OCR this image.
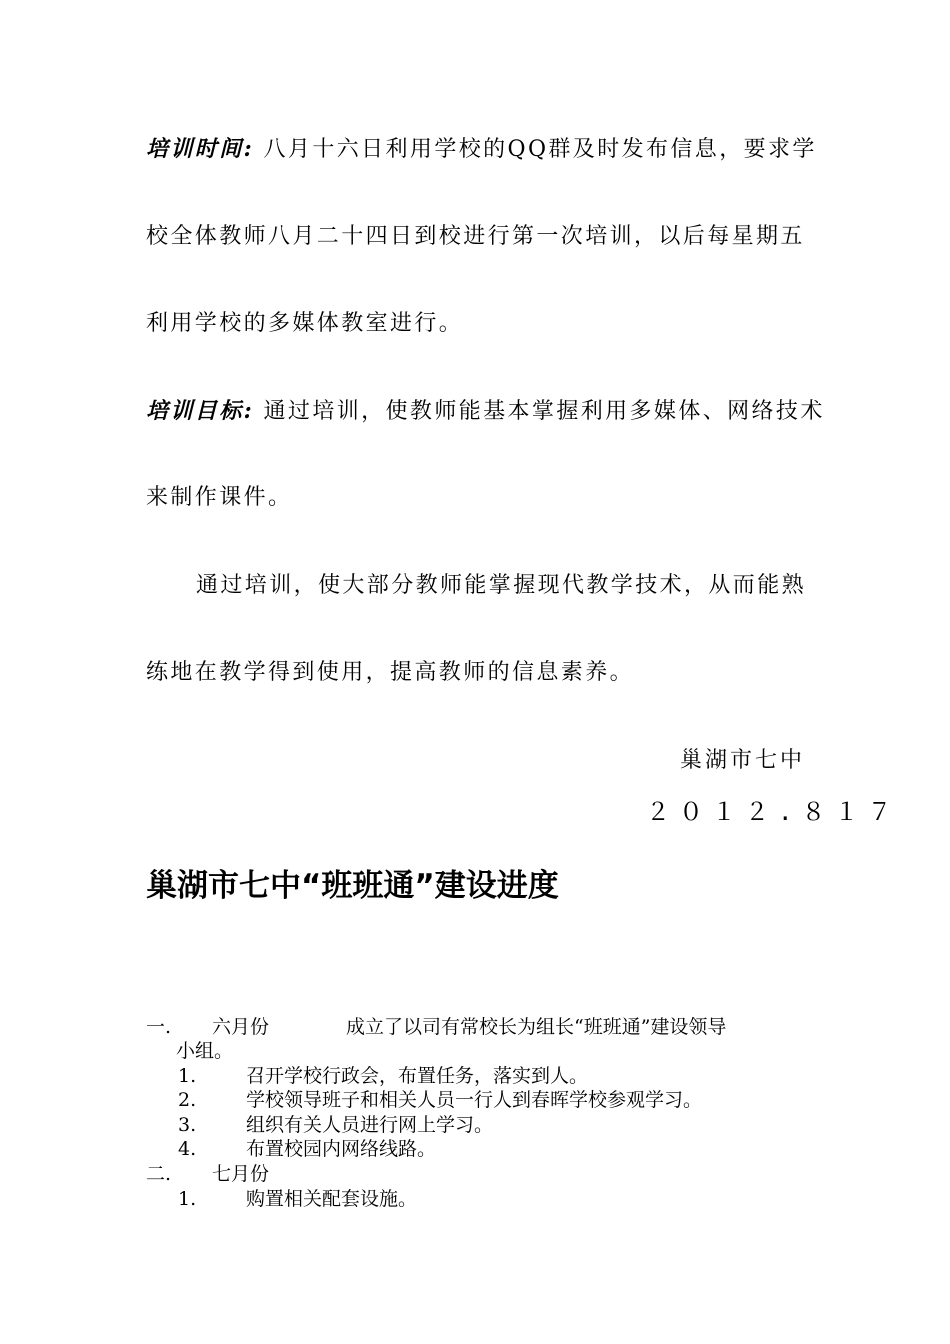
培训时间: 八月十六日利用学校的QQ群及时发布信息，要求学
校全体教师八月二十四日到校进行第一次培训，以后每星期五
利用学校的多媒体教室进行。
培训目标: 通过培训，使教师能基本掌握利用多媒体、网络技术
来制作课件。
通过培训，使大部分教师能掌握现代教学技术，从而能熟
练地在教学得到使用，提高教师的信息素养。
巢湖市七中
２０１２.８１７
巢湖市七中“班班通”建设进度
一. 六月份	成立了以司有常校长为组长“班班通”建设领导
小组。
1.	召开学校行政会，布置任务，落实到人。
2.	学校领导班子和相关人员一行人到春晖学校参观学习。
3.	组织有关人员进行网上学习。
4.	布置校园内网络线路。
二. 七月份
1.	购置相关配套设施。
